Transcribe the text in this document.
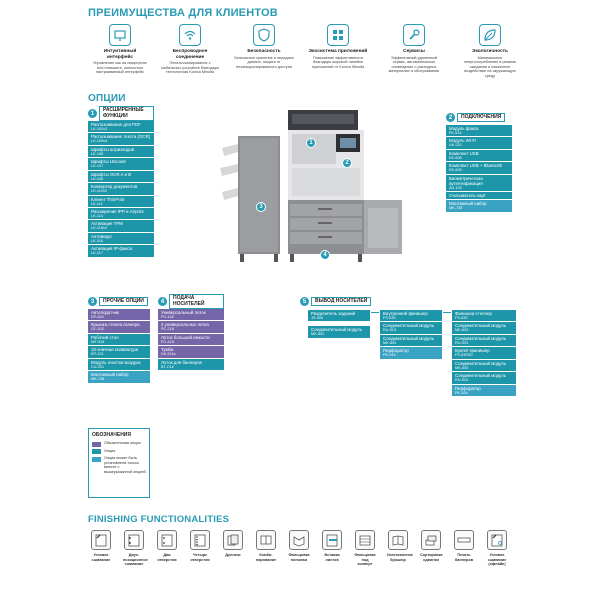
ПРЕИМУЩЕСТВА ДЛЯ КЛИЕНТОВ
ОПЦИИ
FINISHING FUNCTIONALITIES
Интуитивный интерфейс
Управление как на смартфоне или планшете, полностью настраиваемый интерфейс
Беспроводное соединение
Печать/сканирование с мобильных устройств благодаря технологиям Konica Minolta
Безопасность
Безопасное хранение и передача данных, защита от несанкционированного доступа
Экосистема приложений
Повышение эффективности благодаря широкой линейке приложений от Konica Minolta
Сервисы
Эффективный удаленный сервис, автоматическое оповещение о расходных материалах и обслуживании
Экологичность
Минимальное энергопотребление в режиме ожидания и сниженное воздействие на окружающую среду
1
РАСШИРЕННЫЕ ФУНКЦИИ
Распознавание для PDF
LK-102v3
Распознавание текста (OCR)
LK-105v4
Шрифты штрихкодов
LK-106
Шрифты Unicode
LK-107
Шрифты OCR A и B
LK-108
Конвертер документов
LK-110v2
Клиент ThinPrint
LK-111
Расширение IPP и Airprint
LK-114
Активация TPM
LK-115v2
Антивирус
LK-116
Активация IP-факса
LK-117
1
2
3
4
2	ПОДКЛЮЧЕНИЯ
Модуль факса
FK-514
Модуль Wi-Fi
UK-221
Комплект USB
EK-608
Комплект USB + Bluetooth
EK-609
Биометрическая аутентификация
AU-102
Считыватель карт
Монтажный набор
MK-735
3	ПРОЧИЕ ОПЦИИ
Автоподатчик
DF-633
Крышка стекла сканера
OC-512
Рабочий стол
WT-515
10-значная клавиатура
KP-101
Модуль очистки воздуха
CU-201
Монтажный набор
MK-748
4
ПОДАЧА НОСИТЕЛЕЙ
Универсальный лоток
PC-118
2 универсальных лотка
PC-218
Лоток большой емкости
PC-418
Тумба
DK-516x
Лоток для баннеров
BT-C1e
5	ВЫВОД НОСИТЕЛЕЙ
Разделитель заданий
JS-506
Соединительный модуль
MK-602
Внутренний финишер
FS-533
Соединительный модуль
RU-513
Соединительный модуль
MK-603
Перфоратор
PK-519
Финишер-степлер
FS-539
Соединительный модуль
MK-603
Соединительный модуль
RU-513
Буклет-финишер
FS-539SD
Соединительный модуль
MK-603
Соединительный модуль
RU-514
Перфоратор
PK-524
ОБОЗНАЧЕНИЯ
Обязательная опция
Опция
Опция может быть установлена только вместе с вышеуказанной опцией
Угловое сшивание
Двух-позиционное сшивание
Два отверстия
Четыре отверстия
Дуплекс	Комби-нирование
Фальцовка пополам
Вставка листов
Фальцовка под конверт
Изготовление брошюр
Сортировка сдвигом
Печать баннеров
Угловое сшивание (офлайн)
